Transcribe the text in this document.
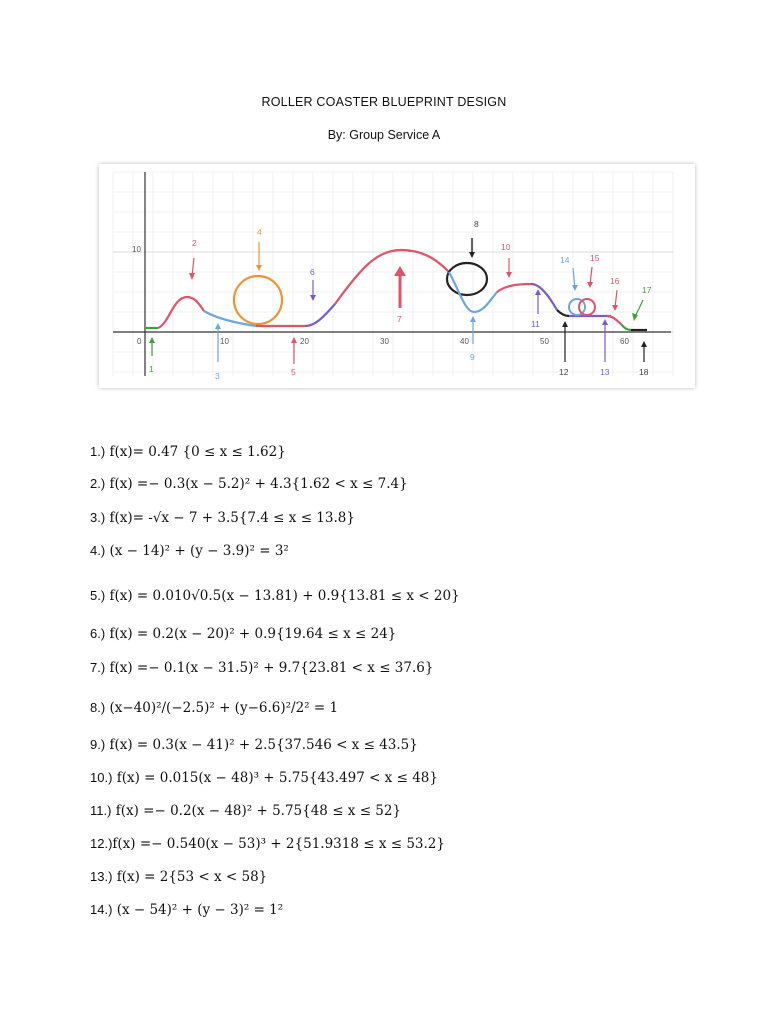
ROLLER COASTER BLUEPRINT DESIGN
By: Group Service A
10
0	10	20	30	40	50	60
1
2
3
4
5
6
7
8
9
10
11
12	13
14 15
16
17
18
1.) f(x)= 0.47 {0 ≤ x ≤ 1.62}
2.) f(x) =− 0.3(x − 5.2)² + 4.3{1.62 < x ≤ 7.4}
3.) f(x)= -√x − 7 + 3.5{7.4 ≤ x ≤ 13.8}
4.) (x − 14)² + (y − 3.9)² = 3²
5.) f(x) = 0.010√0.5(x − 13.81) + 0.9{13.81 ≤ x < 20}
6.) f(x) = 0.2(x − 20)² + 0.9{19.64 ≤ x ≤ 24}
7.) f(x) =− 0.1(x − 31.5)² + 9.7{23.81 < x ≤ 37.6}
8.) (x−40)²/(−2.5)² + (y−6.6)²/2² = 1
9.) f(x) = 0.3(x − 41)² + 2.5{37.546 < x ≤ 43.5}
10.) f(x) = 0.015(x − 48)³ + 5.75{43.497 < x ≤ 48}
11.) f(x) =− 0.2(x − 48)² + 5.75{48 ≤ x ≤ 52}
12.)f(x) =− 0.540(x − 53)³ + 2{51.9318 ≤ x ≤ 53.2}
13.) f(x) = 2{53 < x < 58}
14.) (x − 54)² + (y − 3)² = 1²
